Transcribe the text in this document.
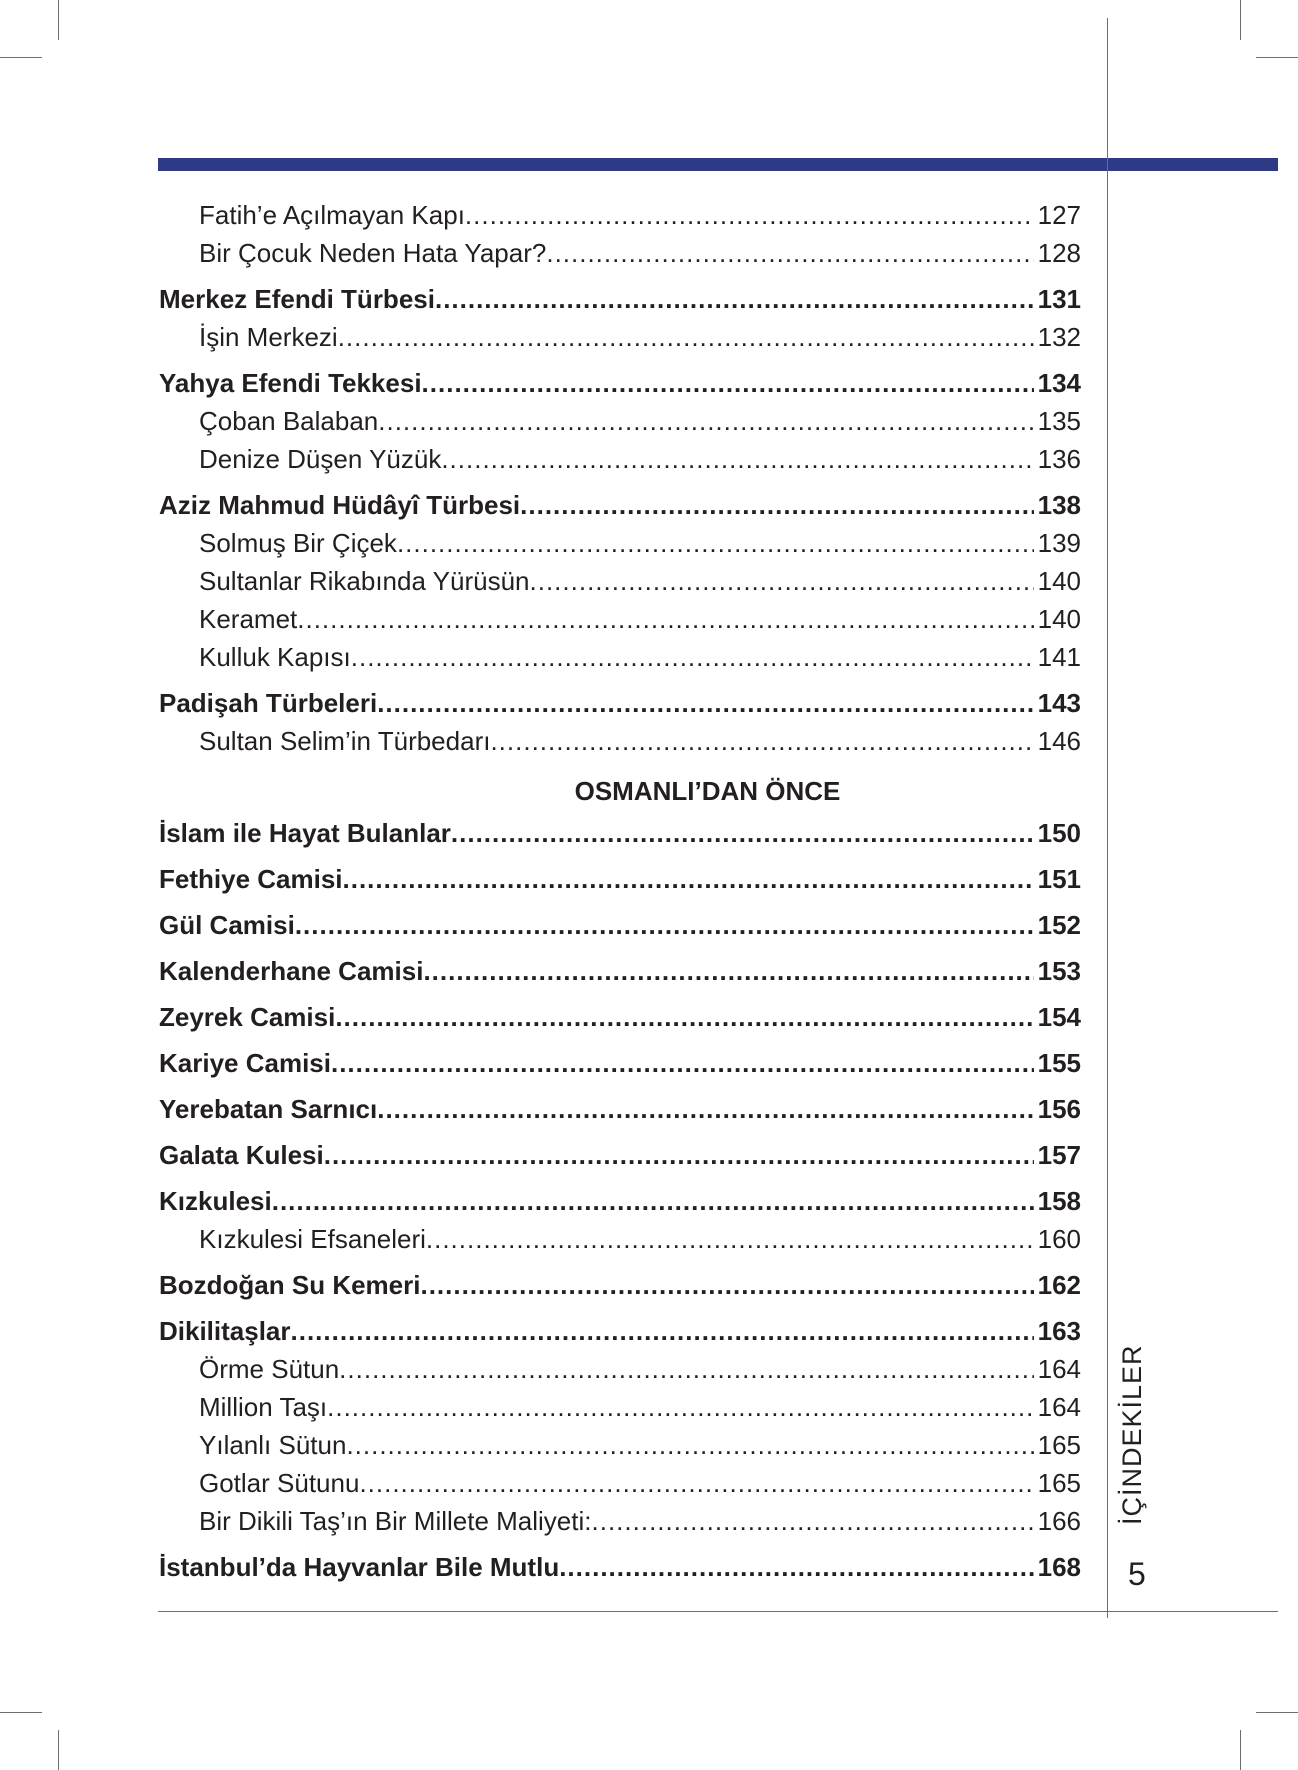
Fatih’e Açılmayan Kapı .....	127
Bir Çocuk Neden Hata Yapar? .....	128
Merkez Efendi Türbesi .....	131
İşin Merkezi .....	132
Yahya Efendi Tekkesi .....	134
Çoban Balaban .....	135
Denize Düşen Yüzük .....	136
Aziz Mahmud Hüdâyî Türbesi .....	138
Solmuş Bir Çiçek .....	139
Sultanlar Rikabında Yürüsün .....	140
Keramet .....	140
Kulluk Kapısı .....	141
Padişah Türbeleri .....	143
Sultan Selim’in Türbedarı .....	146
OSMANLI’DAN ÖNCE
İslam ile Hayat Bulanlar .....	150
Fethiye Camisi .....	151
Gül Camisi .....	152
Kalenderhane Camisi .....	153
Zeyrek Camisi .....	154
Kariye Camisi .....	155
Yerebatan Sarnıcı .....	156
Galata Kulesi .....	157
Kızkulesi .....	158
Kızkulesi Efsaneleri .....	160
Bozdoğan Su Kemeri .....	162
Dikilitaşlar .....	163
Örme Sütun .....	164
Million Taşı .....	164
Yılanlı Sütun .....	165
Gotlar Sütunu .....	165
Bir Dikili Taş’ın Bir Millete Maliyeti: .....	166
İstanbul’da Hayvanlar Bile Mutlu .....	168
İÇİNDEKİLER
5
